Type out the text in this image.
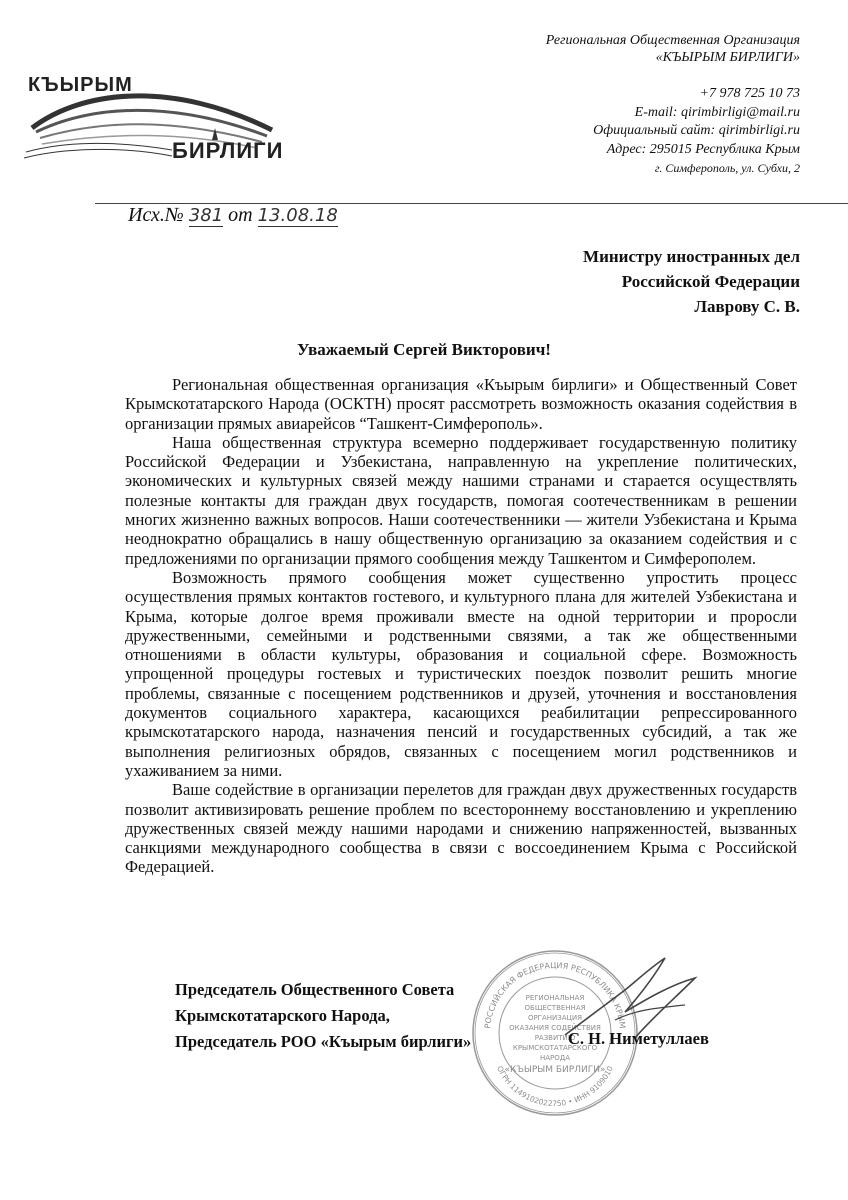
КЪЫРЫМ
БИРЛИГИ
Региональная Общественная Организация
«КЪЫРЫМ БИРЛИГИ»
+7 978 725 10 73
E-mail: qirimbirligi@mail.ru
Официальный сайт: qirimbirligi.ru
Адрес: 295015 Республика Крым
г. Симферополь, ул. Субхи, 2
Исх.№ 381 от 13.08.18
Министру иностранных дел
Российской Федерации
Лаврову С. В.
Уважаемый Сергей Викторович!

Региональная общественная организация «Къырым бирлиги» и Общественный Совет Крымскотатарского Народа (ОСКТН) просят рассмотреть возможность оказания содействия в организации прямых авиарейсов “Ташкент-Симферополь».

Наша общественная структура всемерно поддерживает государственную политику Российской Федерации и Узбекистана, направленную на укрепление политических, экономических и культурных связей между нашими странами и старается осуществлять полезные контакты для граждан двух государств, помогая соотечественникам в решении многих жизненно важных вопросов. Наши соотечественники — жители Узбекистана и Крыма неоднократно обращались в нашу общественную организацию за оказанием содействия и с предложениями по организации прямого сообщения между Ташкентом и Симферополем.

Возможность прямого сообщения может существенно упростить процесс осуществления прямых контактов гостевого, и культурного плана для жителей Узбекистана и Крыма, которые долгое время проживали вместе на одной территории и проросли дружественными, семейными и родственными связями, а так же общественными отношениями в области культуры, образования и социальной сфере. Возможность упрощенной процедуры гостевых и туристических поездок позволит решить многие проблемы, связанные с посещением родственников и друзей, уточнения и восстановления документов социального характера, касающихся реабилитации репрессированного крымскотатарского народа, назначения пенсий и государственных субсидий, а так же выполнения религиозных обрядов, связанных с посещением могил родственников и ухаживанием за ними.

Ваше содействие в организации перелетов для граждан двух дружественных государств позволит активизировать решение проблем по всестороннему восстановлению и укреплению дружественных связей между нашими народами и снижению напряженностей, вызванных санкциями международного сообщества в связи с воссоединением Крыма с Российской Федерацией.

РОССИЙСКАЯ ФЕДЕРАЦИЯ РЕСПУБЛИКА КРЫМ
ОГРН 1149102022750 • ИНН 9109010
РЕГИОНАЛЬНАЯ
ОБЩЕСТВЕННАЯ
ОРГАНИЗАЦИЯ
ОКАЗАНИЯ СОДЕЙСТВИЯ
РАЗВИТИЮ
КРЫМСКОТАТАРСКОГО
НАРОДА
«КЪЫРЫМ БИРЛИГИ»
Председатель Общественного Совета
Крымскотатарского Народа,
Председатель РОО «Къырым бирлиги»	С. Н. Ниметуллаев
